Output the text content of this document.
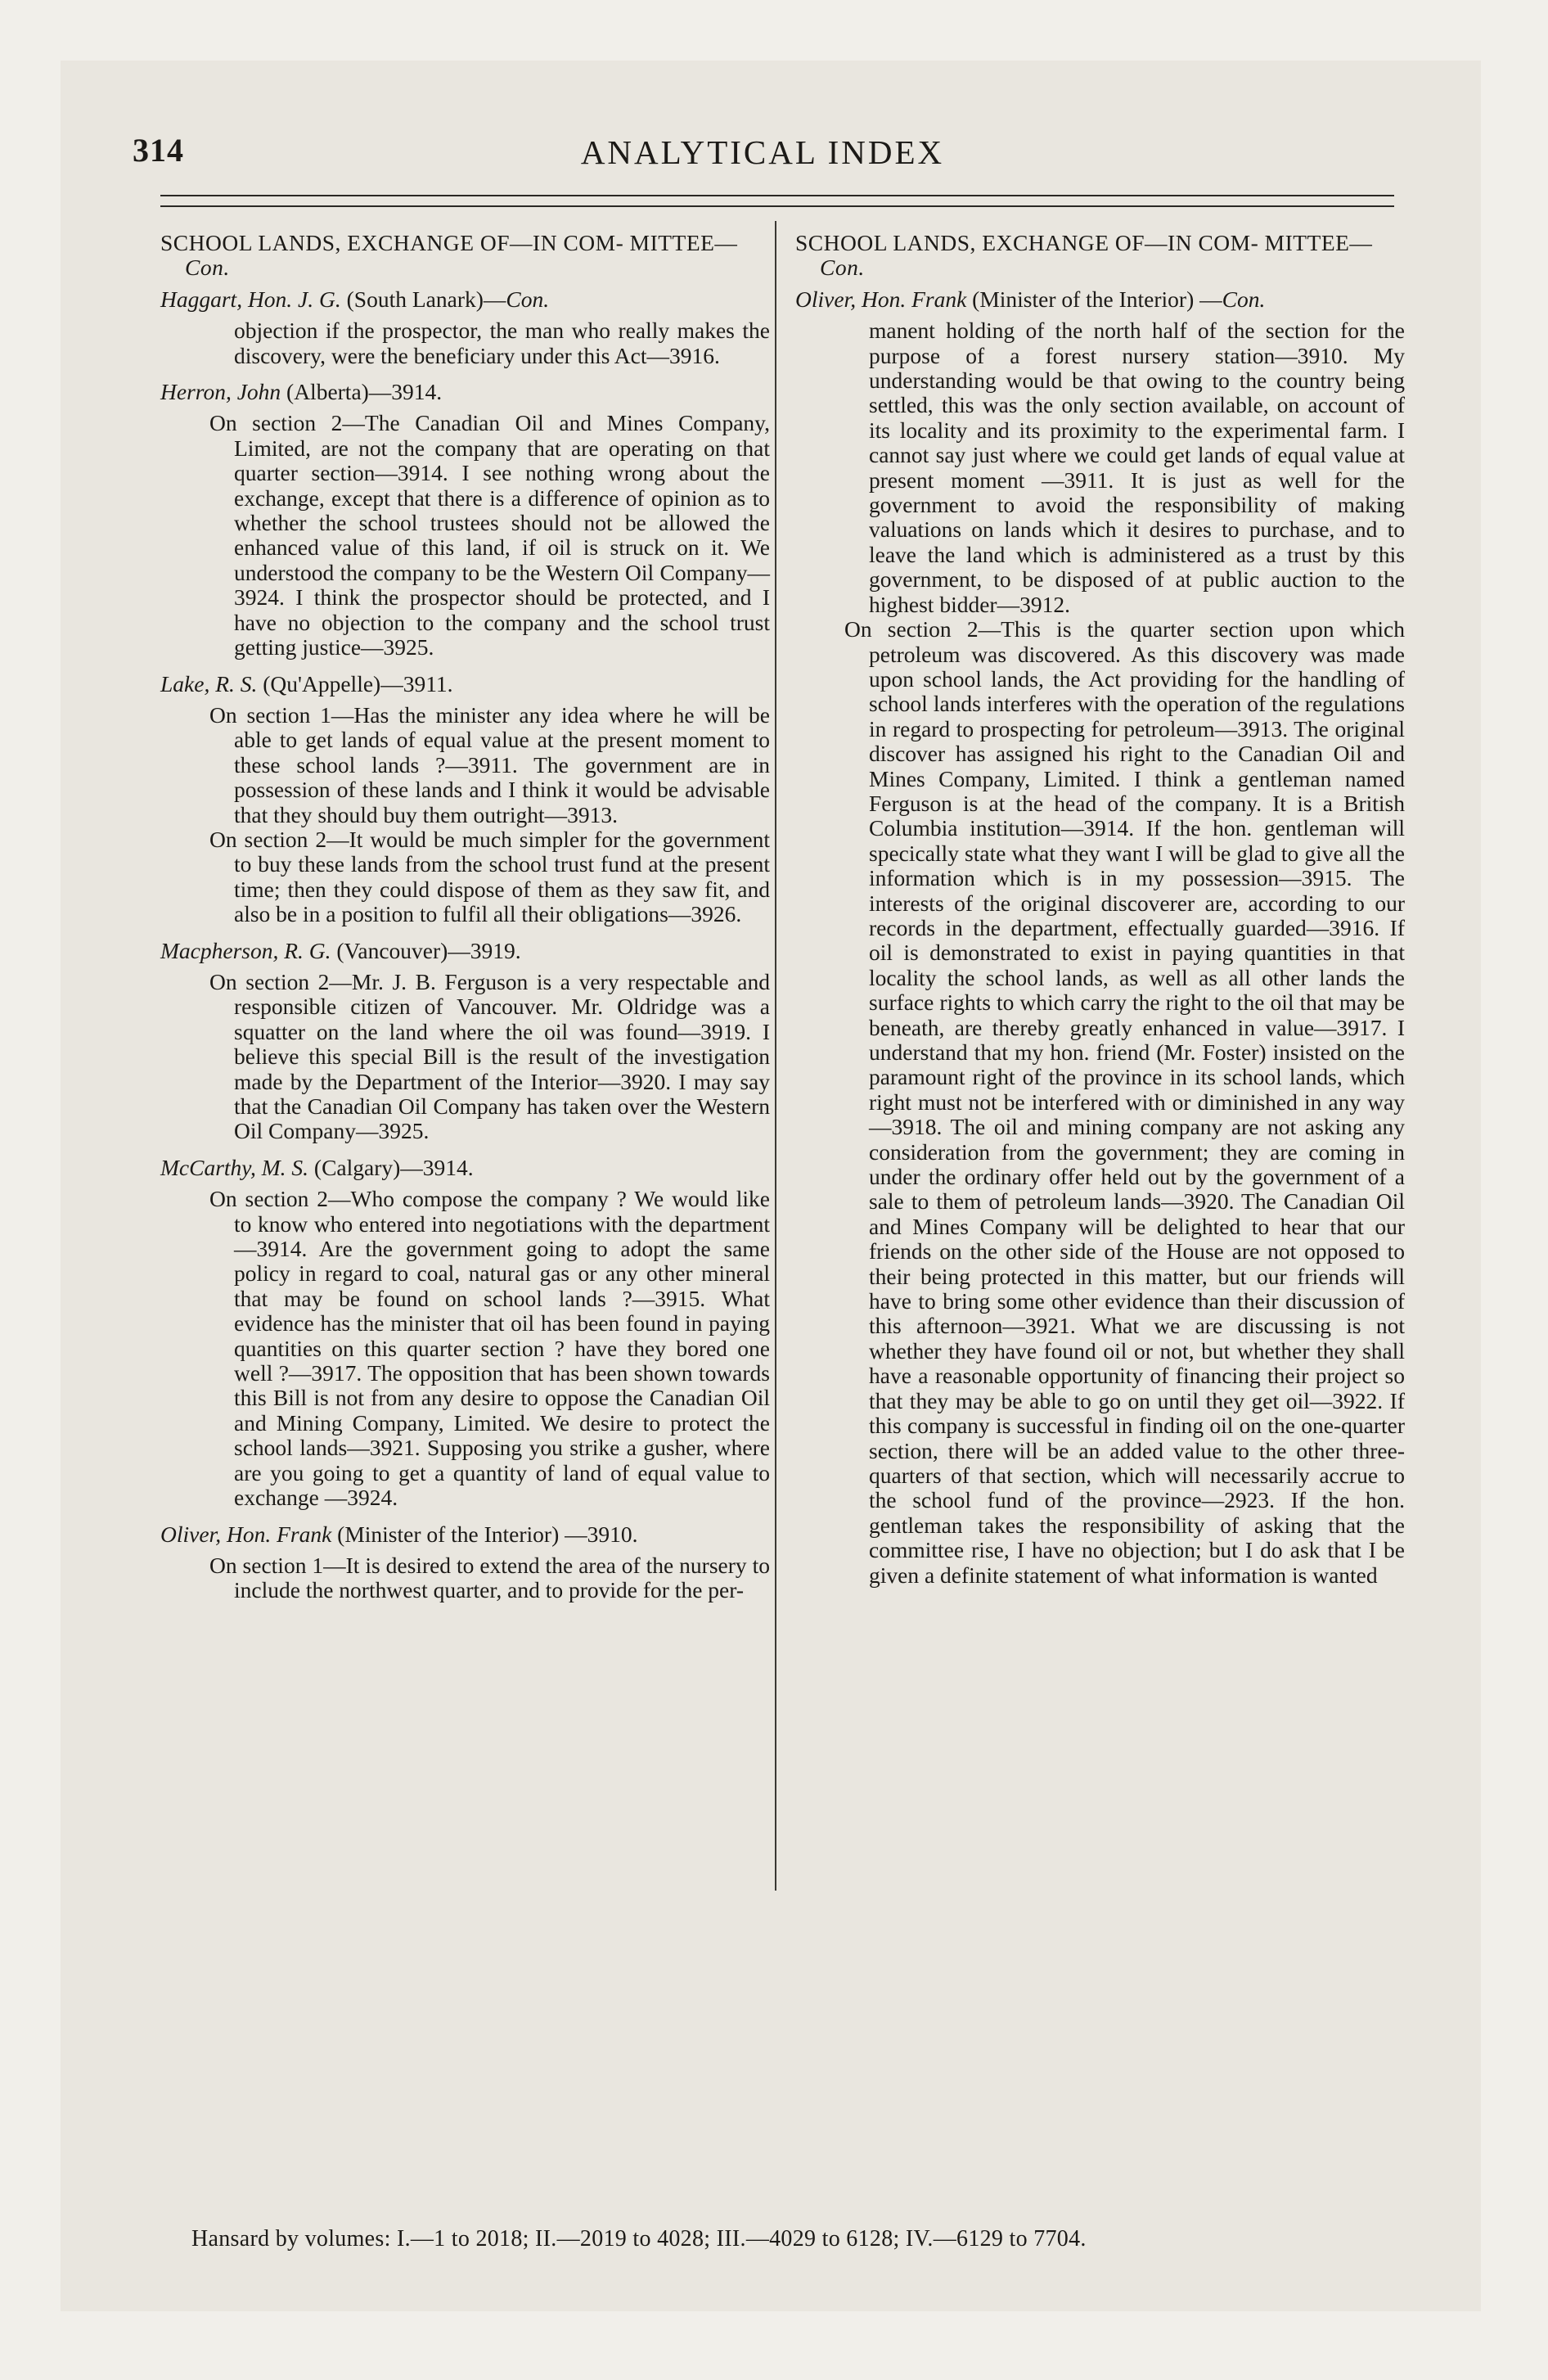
314	ANALYTICAL INDEX
SCHOOL LANDS, EXCHANGE OF—IN COM- MITTEE—Con.
Haggart, Hon. J. G. (South Lanark)—Con.
objection if the prospector, the man who really makes the discovery, were the beneficiary under this Act—3916.
Herron, John (Alberta)—3914.
On section 2—The Canadian Oil and Mines Company, Limited, are not the company that are operating on that quarter section—3914. I see nothing wrong about the exchange, except that there is a difference of opinion as to whether the school trustees should not be allowed the enhanced value of this land, if oil is struck on it. We understood the company to be the Western Oil Company—3924. I think the prospector should be protected, and I have no objection to the company and the school trust getting justice—3925.
Lake, R. S. (Qu'Appelle)—3911.
On section 1—Has the minister any idea where he will be able to get lands of equal value at the present moment to these school lands ?—3911. The government are in possession of these lands and I think it would be advisable that they should buy them outright—3913.
On section 2—It would be much simpler for the government to buy these lands from the school trust fund at the present time; then they could dispose of them as they saw fit, and also be in a position to fulfil all their obligations—3926.
Macpherson, R. G. (Vancouver)—3919.
On section 2—Mr. J. B. Ferguson is a very respectable and responsible citizen of Vancouver. Mr. Oldridge was a squatter on the land where the oil was found—3919. I believe this special Bill is the result of the investigation made by the Department of the Interior—3920. I may say that the Canadian Oil Company has taken over the Western Oil Company—3925.
McCarthy, M. S. (Calgary)—3914.
On section 2—Who compose the company ? We would like to know who entered into negotiations with the department—3914. Are the government going to adopt the same policy in regard to coal, natural gas or any other mineral that may be found on school lands ?—3915. What evidence has the minister that oil has been found in paying quantities on this quarter section ? have they bored one well ?—3917. The opposition that has been shown towards this Bill is not from any desire to oppose the Canadian Oil and Mining Company, Limited. We desire to protect the school lands—3921. Supposing you strike a gusher, where are you going to get a quantity of land of equal value to exchange —3924.
Oliver, Hon. Frank (Minister of the Interior) —3910.
On section 1—It is desired to extend the area of the nursery to include the northwest quarter, and to provide for the per-
SCHOOL LANDS, EXCHANGE OF—IN COM- MITTEE—Con.
Oliver, Hon. Frank (Minister of the Interior) —Con.
manent holding of the north half of the section for the purpose of a forest nursery station—3910. My understanding would be that owing to the country being settled, this was the only section available, on account of its locality and its proximity to the experimental farm. I cannot say just where we could get lands of equal value at present moment —3911. It is just as well for the government to avoid the responsibility of making valuations on lands which it desires to purchase, and to leave the land which is administered as a trust by this government, to be disposed of at public auction to the highest bidder—3912.
On section 2—This is the quarter section upon which petroleum was discovered. As this discovery was made upon school lands, the Act providing for the handling of school lands interferes with the operation of the regulations in regard to prospecting for petroleum—3913. The original discover has assigned his right to the Canadian Oil and Mines Company, Limited. I think a gentleman named Ferguson is at the head of the company. It is a British Columbia institution—3914. If the hon. gentleman will specically state what they want I will be glad to give all the information which is in my possession—3915. The interests of the original discoverer are, according to our records in the department, effectually guarded—3916. If oil is demonstrated to exist in paying quantities in that locality the school lands, as well as all other lands the surface rights to which carry the right to the oil that may be beneath, are thereby greatly enhanced in value—3917. I understand that my hon. friend (Mr. Foster) insisted on the paramount right of the province in its school lands, which right must not be interfered with or diminished in any way—3918. The oil and mining company are not asking any consideration from the government; they are coming in under the ordinary offer held out by the government of a sale to them of petroleum lands—3920. The Canadian Oil and Mines Company will be delighted to hear that our friends on the other side of the House are not opposed to their being protected in this matter, but our friends will have to bring some other evidence than their discussion of this afternoon—3921. What we are discussing is not whether they have found oil or not, but whether they shall have a reasonable opportunity of financing their project so that they may be able to go on until they get oil—3922. If this company is successful in finding oil on the one-quarter section, there will be an added value to the other three-quarters of that section, which will necessarily accrue to the school fund of the province—2923. If the hon. gentleman takes the responsibility of asking that the committee rise, I have no objection; but I do ask that I be given a definite statement of what information is wanted
Hansard by volumes: I.—1 to 2018; II.—2019 to 4028; III.—4029 to 6128; IV.—6129 to 7704.
